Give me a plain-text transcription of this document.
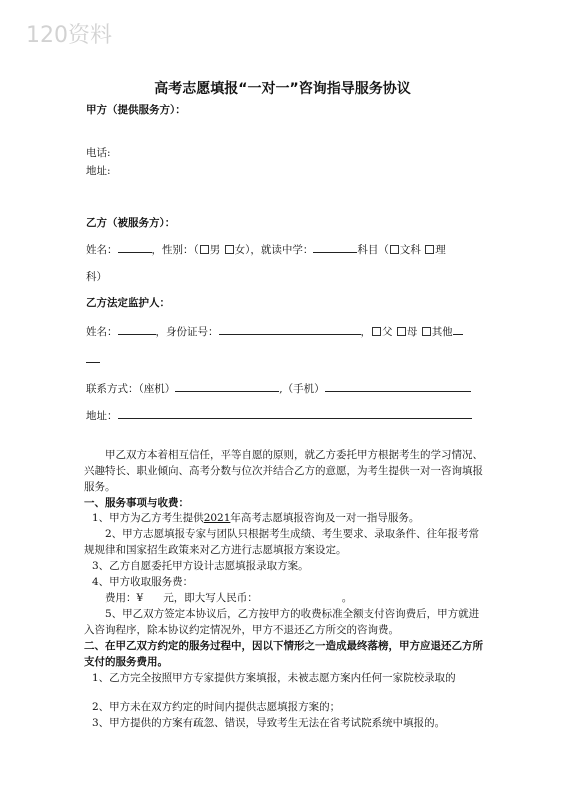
120资料
高考志愿填报“一对一”咨询指导服务协议
甲方（提供服务方）：
电话:
地址:
乙方（被服务方）：
姓名：	，性别：（ 男 女），就读中学：	科目（ 文科 理
科）
乙方法定监护人：
姓名：	，身份证号：	， 父 母 其他
联系方式：（座机）	,（手机）
地址：
甲乙双方本着相互信任，平等自愿的原则，就乙方委托甲方根据考生的学习情况、兴趣特长、职业倾向、高考分数与位次并结合乙方的意愿，为考生提供一对一咨询填报服务。
一、服务事项与收费：
1、甲方为乙方考生提供2021年高考志愿填报咨询及一对一指导服务。
2、甲方志愿填报专家与团队只根据考生成绩、考生要求、录取条件、往年报考常规规律和国家招生政策来对乙方进行志愿填报方案设定。
3、乙方自愿委托甲方设计志愿填报录取方案。
4、甲方收取服务费：
费用：¥ 元，即大写人民币：	。
5、甲乙双方签定本协议后，乙方按甲方的收费标准全额支付咨询费后，甲方就进入咨询程序，除本协议约定情况外，甲方不退还乙方所交的咨询费。
二、在甲乙双方约定的服务过程中，因以下情形之一造成最终落榜，甲方应退还乙方所支付的服务费用。
1、乙方完全按照甲方专家提供方案填报，未被志愿方案内任何一家院校录取的
2、甲方未在双方约定的时间内提供志愿填报方案的；
3、甲方提供的方案有疏忽、错误，导致考生无法在省考试院系统中填报的。
